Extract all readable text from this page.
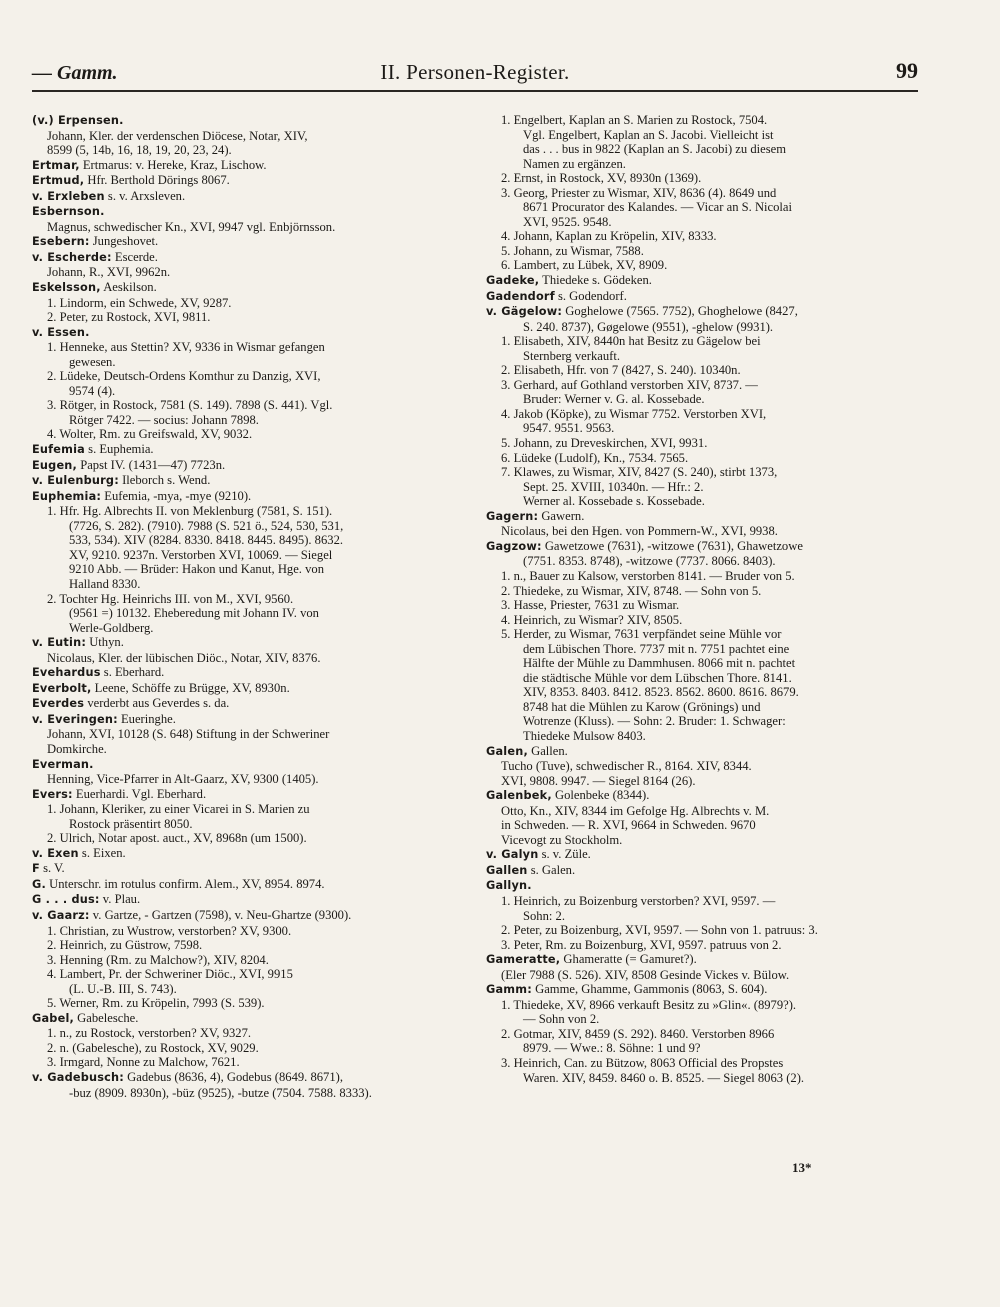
— Gamm.	II. Personen-Register.	99
(v.) Erpensen.
Johann, Kler. der verdenschen Diöcese, Notar, XIV,
8599 (5, 14b, 16, 18, 19, 20, 23, 24).
Ertmar, Ertmarus: v. Hereke, Kraz, Lischow.
Ertmud, Hfr. Berthold Dörings 8067.
v. Erxleben s. v. Arxsleven.
Esbernson.
Magnus, schwedischer Kn., XVI, 9947 vgl. Enbjörnsson.
Esebern: Jungeshovet.
v. Escherde: Escerde.
Johann, R., XVI, 9962n.
Eskelsson, Aeskilson.
1. Lindorm, ein Schwede, XV, 9287.
2. Peter, zu Rostock, XVI, 9811.
v. Essen.
1. Henneke, aus Stettin? XV, 9336 in Wismar gefangen
gewesen.
2. Lüdeke, Deutsch-Ordens Komthur zu Danzig, XVI,
9574 (4).
3. Rötger, in Rostock, 7581 (S. 149). 7898 (S. 441). Vgl.
Rötger 7422. — socius: Johann 7898.
4. Wolter, Rm. zu Greifswald, XV, 9032.
Eufemia s. Euphemia.
Eugen, Papst IV. (1431—47) 7723n.
v. Eulenburg: Ileborch s. Wend.
Euphemia: Eufemia, -mya, -mye (9210).
1. Hfr. Hg. Albrechts II. von Meklenburg (7581, S. 151).
(7726, S. 282). (7910). 7988 (S. 521 ö., 524, 530, 531,
533, 534). XIV (8284. 8330. 8418. 8445. 8495). 8632.
XV, 9210. 9237n. Verstorben XVI, 10069. — Siegel
9210 Abb. — Brüder: Hakon und Kanut, Hge. von
Halland 8330.
2. Tochter Hg. Heinrichs III. von M., XVI, 9560.
(9561 =) 10132. Eheberedung mit Johann IV. von
Werle-Goldberg.
v. Eutin: Uthyn.
Nicolaus, Kler. der lübischen Diöc., Notar, XIV, 8376.
Evehardus s. Eberhard.
Everbolt, Leene, Schöffe zu Brügge, XV, 8930n.
Everdes verderbt aus Geverdes s. da.
v. Everingen: Eueringhe.
Johann, XVI, 10128 (S. 648) Stiftung in der Schweriner
Domkirche.
Everman.
Henning, Vice-Pfarrer in Alt-Gaarz, XV, 9300 (1405).
Evers: Euerhardi. Vgl. Eberhard.
1. Johann, Kleriker, zu einer Vicarei in S. Marien zu
Rostock präsentirt 8050.
2. Ulrich, Notar apost. auct., XV, 8968n (um 1500).
v. Exen s. Eixen.
F s. V.
G. Unterschr. im rotulus confirm. Alem., XV, 8954. 8974.
G . . . dus: v. Plau.
v. Gaarz: v. Gartze, - Gartzen (7598), v. Neu-Ghartze (9300).
1. Christian, zu Wustrow, verstorben? XV, 9300.
2. Heinrich, zu Güstrow, 7598.
3. Henning (Rm. zu Malchow?), XIV, 8204.
4. Lambert, Pr. der Schweriner Diöc., XVI, 9915
(L. U.-B. III, S. 743).
5. Werner, Rm. zu Kröpelin, 7993 (S. 539).
Gabel, Gabelesche.
1. n., zu Rostock, verstorben? XV, 9327.
2. n. (Gabelesche), zu Rostock, XV, 9029.
3. Irmgard, Nonne zu Malchow, 7621.
v. Gadebusch: Gadebus (8636, 4), Godebus (8649. 8671),
-buz (8909. 8930n), -büz (9525), -butze (7504. 7588. 8333).
1. Engelbert, Kaplan an S. Marien zu Rostock, 7504.
Vgl. Engelbert, Kaplan an S. Jacobi. Vielleicht ist
das . . . bus in 9822 (Kaplan an S. Jacobi) zu diesem
Namen zu ergänzen.
2. Ernst, in Rostock, XV, 8930n (1369).
3. Georg, Priester zu Wismar, XIV, 8636 (4). 8649 und
8671 Procurator des Kalandes. — Vicar an S. Nicolai
XVI, 9525. 9548.
4. Johann, Kaplan zu Kröpelin, XIV, 8333.
5. Johann, zu Wismar, 7588.
6. Lambert, zu Lübek, XV, 8909.
Gadeke, Thiedeke s. Gödeken.
Gadendorf s. Godendorf.
v. Gägelow: Goghelowe (7565. 7752), Ghoghelowe (8427,
S. 240. 8737), Gøgelowe (9551), -ghelow (9931).
1. Elisabeth, XIV, 8440n hat Besitz zu Gägelow bei
Sternberg verkauft.
2. Elisabeth, Hfr. von 7 (8427, S. 240). 10340n.
3. Gerhard, auf Gothland verstorben XIV, 8737. —
Bruder: Werner v. G. al. Kossebade.
4. Jakob (Köpke), zu Wismar 7752. Verstorben XVI,
9547. 9551. 9563.
5. Johann, zu Dreveskirchen, XVI, 9931.
6. Lüdeke (Ludolf), Kn., 7534. 7565.
7. Klawes, zu Wismar, XIV, 8427 (S. 240), stirbt 1373,
Sept. 25. XVIII, 10340n. — Hfr.: 2.
Werner al. Kossebade s. Kossebade.
Gagern: Gawern.
Nicolaus, bei den Hgen. von Pommern-W., XVI, 9938.
Gagzow: Gawetzowe (7631), -witzowe (7631), Ghawetzowe
(7751. 8353. 8748), -witzowe (7737. 8066. 8403).
1. n., Bauer zu Kalsow, verstorben 8141. — Bruder von 5.
2. Thiedeke, zu Wismar, XIV, 8748. — Sohn von 5.
3. Hasse, Priester, 7631 zu Wismar.
4. Heinrich, zu Wismar? XIV, 8505.
5. Herder, zu Wismar, 7631 verpfändet seine Mühle vor
dem Lübischen Thore. 7737 mit n. 7751 pachtet eine
Hälfte der Mühle zu Dammhusen. 8066 mit n. pachtet
die städtische Mühle vor dem Lübschen Thore. 8141.
XIV, 8353. 8403. 8412. 8523. 8562. 8600. 8616. 8679.
8748 hat die Mühlen zu Karow (Grönings) und
Wotrenze (Kluss). — Sohn: 2. Bruder: 1. Schwager:
Thiedeke Mulsow 8403.
Galen, Gallen.
Tucho (Tuve), schwedischer R., 8164. XIV, 8344.
XVI, 9808. 9947. — Siegel 8164 (26).
Galenbek, Golenbeke (8344).
Otto, Kn., XIV, 8344 im Gefolge Hg. Albrechts v. M.
in Schweden. — R. XVI, 9664 in Schweden. 9670
Vicevogt zu Stockholm.
v. Galyn s. v. Züle.
Gallen s. Galen.
Gallyn.
1. Heinrich, zu Boizenburg verstorben? XVI, 9597. —
Sohn: 2.
2. Peter, zu Boizenburg, XVI, 9597. — Sohn von 1. patruus: 3.
3. Peter, Rm. zu Boizenburg, XVI, 9597. patruus von 2.
Gameratte, Ghameratte (= Gamuret?).
(Eler 7988 (S. 526). XIV, 8508 Gesinde Vickes v. Bülow.
Gamm: Gamme, Ghamme, Gammonis (8063, S. 604).
1. Thiedeke, XV, 8966 verkauft Besitz zu »Glin«. (8979?).
— Sohn von 2.
2. Gotmar, XIV, 8459 (S. 292). 8460. Verstorben 8966
8979. — Wwe.: 8. Söhne: 1 und 9?
3. Heinrich, Can. zu Bützow, 8063 Official des Propstes
Waren. XIV, 8459. 8460 o. B. 8525. — Siegel 8063 (2).
13*
